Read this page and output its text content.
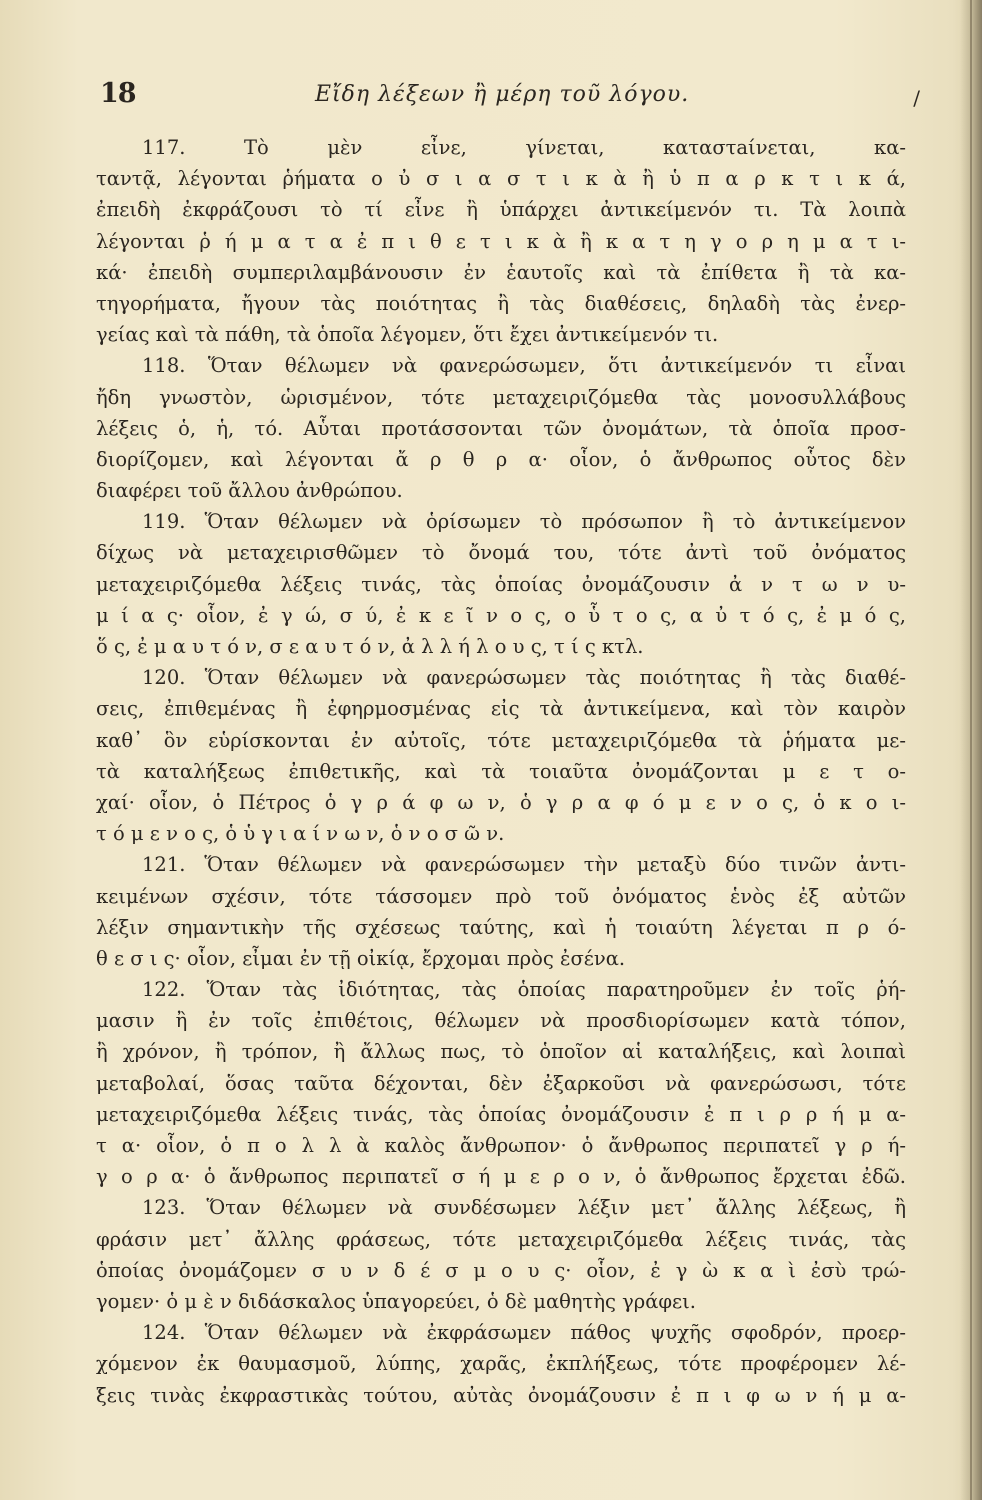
18	Εἴδη λέξεων ἢ μέρη τοῦ λόγου.	/
117. Τὸ μὲν εἶνε, γίνεται, καταστaίνεται, κα-
ταντᾷ, λέγονται ῥήματα ο ὐ σ ι α σ τ ι κ ὰ ἢ ὑ π α ρ κ τ ι κ ά,
ἐπειδὴ ἐκφράζουσι τὸ τί εἶνε ἢ ὑπάρχει ἀντικείμενόν τι. Τὰ λοιπὰ
λέγονται ῥ ή μ α τ α ἐ π ι θ ε τ ι κ ὰ ἢ κ α τ η γ ο ρ η μ α τ ι-
κά· ἐπειδὴ συμπεριλαμβάνουσιν ἐν ἑαυτοῖς καὶ τὰ ἐπίθετα ἢ τὰ κα-
τηγορήματα, ἤγουν τὰς ποιότητας ἢ τὰς διαθέσεις, δηλαδὴ τὰς ἐνερ-
γείας καὶ τὰ πάθη, τὰ ὁποῖα λέγομεν, ὅτι ἔχει ἀντικείμενόν τι.
118. Ὅταν θέλωμεν νὰ φανερώσωμεν, ὅτι ἀντικείμενόν τι εἶναι
ἤδη γνωστὸν, ὡρισμένον, τότε μεταχειριζόμεθα τὰς μονοσυλλάβους
λέξεις ὁ, ἡ, τό. Αὗται προτάσσονται τῶν ὀνομάτων, τὰ ὁποῖα προσ-
διορίζομεν, καὶ λέγονται ἄ ρ θ ρ α· οἷον, ὁ ἄνθρωπος οὗτος δὲν
διαφέρει τοῦ ἄλλου ἀνθρώπου.
119. Ὅταν θέλωμεν νὰ ὁρίσωμεν τὸ πρόσωπον ἢ τὸ ἀντικείμενον
δίχως νὰ μεταχειρισθῶμεν τὸ ὄνομά του, τότε ἀντὶ τοῦ ὀνόματος
μεταχειριζόμεθα λέξεις τινάς, τὰς ὁποίας ὀνομάζουσιν ἀ ν τ ω ν υ-
μ ί α ς· οἷον, ἐ γ ώ, σ ύ, ἐ κ ε ῖ ν ο ς, ο ὗ τ ο ς, α ὐ τ ό ς, ἐ μ ό ς,
ὅ ς, ἐ μ α υ τ ό ν, σ ε α υ τ ό ν, ἀ λ λ ή λ ο υ ς, τ ί ς κτλ.
120. Ὅταν θέλωμεν νὰ φανερώσωμεν τὰς ποιότητας ἢ τὰς διαθέ-
σεις, ἐπιθεμένας ἢ ἐφηρμοσμένας εἰς τὰ ἀντικείμενα, καὶ τὸν καιρὸν
καθ᾽ ὃν εὑρίσκονται ἐν αὐτοῖς, τότε μεταχειριζόμεθα τὰ ῥήματα με-
τὰ καταλήξεως ἐπιθετικῆς, καὶ τὰ τοιαῦτα ὀνομάζονται μ ε τ ο-
χαί· οἷον, ὁ Πέτρος ὁ γ ρ ά φ ω ν, ὁ γ ρ α φ ό μ ε ν ο ς, ὁ κ ο ι-
τ ό μ ε ν ο ς, ὁ ὑ γ ι α ί ν ω ν, ὁ ν ο σ ῶ ν.
121. Ὅταν θέλωμεν νὰ φανερώσωμεν τὴν μεταξὺ δύο τινῶν ἀντι-
κειμένων σχέσιν, τότε τάσσομεν πρὸ τοῦ ὀνόματος ἑνὸς ἐξ αὐτῶν
λέξιν σημαντικὴν τῆς σχέσεως ταύτης, καὶ ἡ τοιαύτη λέγεται π ρ ό-
θ ε σ ι ς· οἷον, εἶμαι ἐν τῇ οἰκίᾳ, ἔρχομαι πρὸς ἐσένα.
122. Ὅταν τὰς ἰδιότητας, τὰς ὁποίας παρατηροῦμεν ἐν τοῖς ῥή-
μασιν ἢ ἐν τοῖς ἐπιθέτοις, θέλωμεν νὰ προσδιορίσωμεν κατὰ τόπον,
ἢ χρόνον, ἢ τρόπον, ἢ ἄλλως πως, τὸ ὁποῖον αἱ καταλήξεις, καὶ λοιπαὶ
μεταβολαί, ὅσας ταῦτα δέχονται, δὲν ἐξαρκοῦσι νὰ φανερώσωσι, τότε
μεταχειριζόμεθα λέξεις τινάς, τὰς ὁποίας ὀνομάζουσιν ἐ π ι ρ ρ ή μ α-
τ α· οἷον, ὁ π ο λ λ ὰ καλὸς ἄνθρωπον· ὁ ἄνθρωπος περιπατεῖ γ ρ ή-
γ ο ρ α· ὁ ἄνθρωπος περιπατεῖ σ ή μ ε ρ ο ν, ὁ ἄνθρωπος ἔρχεται ἐδῶ.
123. Ὅταν θέλωμεν νὰ συνδέσωμεν λέξιν μετ᾽ ἄλλης λέξεως, ἢ
φράσιν μετ᾽ ἄλλης φράσεως, τότε μεταχειριζόμεθα λέξεις τινάς, τὰς
ὁποίας ὀνομάζομεν σ υ ν δ έ σ μ ο υ ς· οἷον, ἐ γ ὼ κ α ὶ ἐσὺ τρώ-
γομεν· ὁ μ ὲ ν διδάσκαλος ὑπαγορεύει, ὁ δὲ μαθητὴς γράφει.
124. Ὅταν θέλωμεν νὰ ἐκφράσωμεν πάθος ψυχῆς σφοδρόν, προερ-
χόμενον ἐκ θαυμασμοῦ, λύπης, χαρᾶς, ἐκπλήξεως, τότε προφέρομεν λέ-
ξεις τινὰς ἐκφραστικὰς τούτου, αὐτὰς ὀνομάζουσιν ἐ π ι φ ω ν ή μ α-
